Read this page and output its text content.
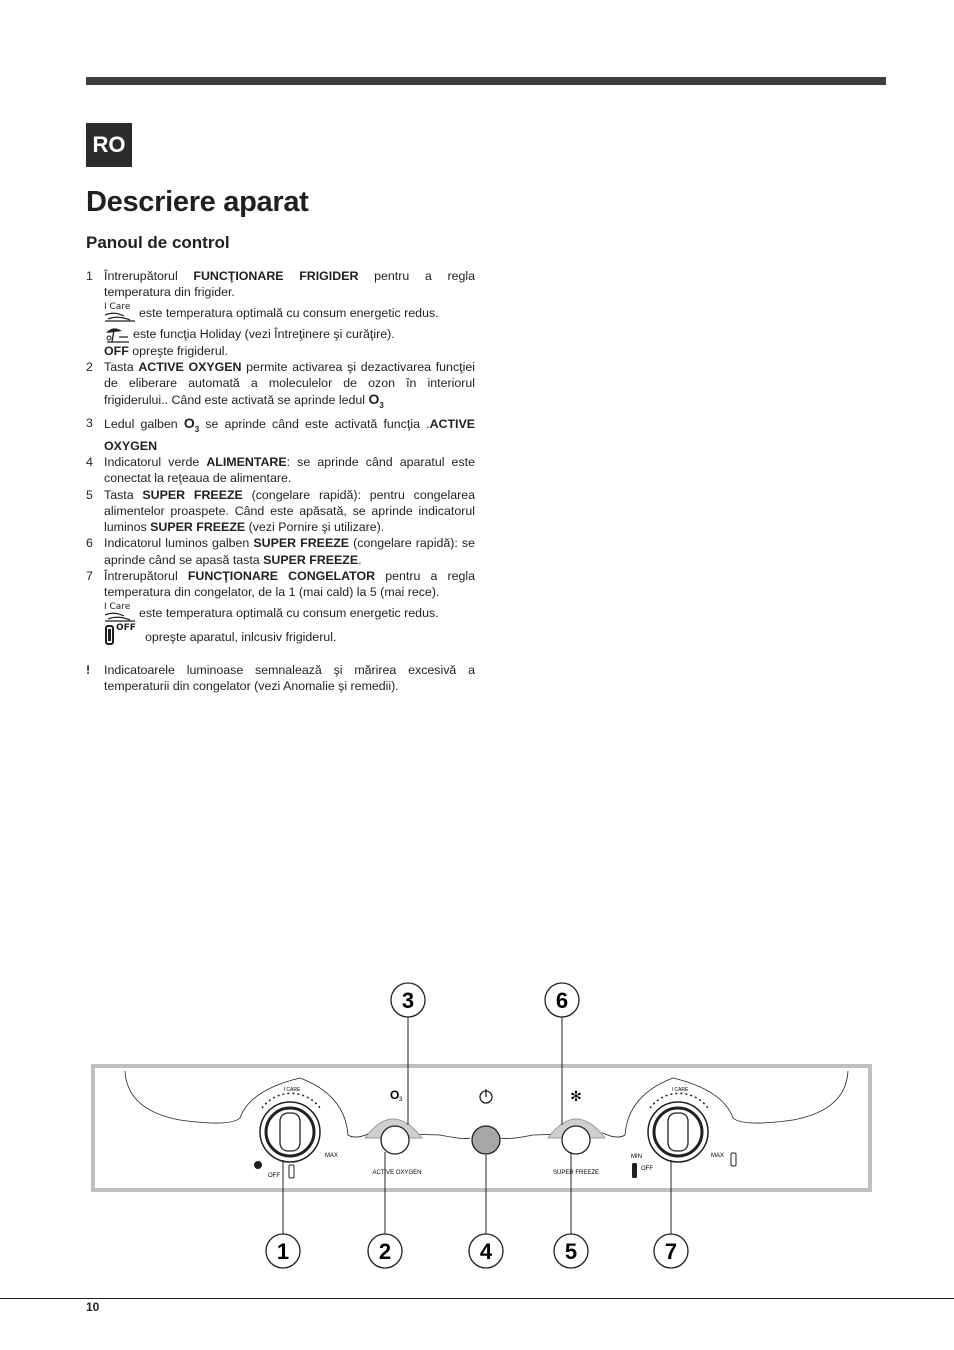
RO
Descriere aparat
Panoul de control
1 Întrerupătorul FUNCŢIONARE FRIGIDER pentru a regla temperatura din frigider.
I Care este temperatura optimală cu consum energetic redus.
este funcţia Holiday (vezi Întreţinere şi curăţire).
OFF opreşte frigiderul.
2 Tasta ACTIVE OXYGEN permite activarea şi dezactivarea funcţiei de eliberare automată a moleculelor de ozon în interiorul frigiderului.. Când este activată se aprinde ledul $O_3$
3 Ledul galben $O_3$ se aprinde când este activată funcţia .ACTIVE OXYGEN
4 Indicatorul verde ALIMENTARE: se aprinde când aparatul este conectat la reţeaua de alimentare.
5 Tasta SUPER FREEZE (congelare rapidă): pentru congelarea alimentelor proaspete. Când este apăsată, se aprinde indicatorul luminos SUPER FREEZE (vezi Pornire şi utilizare).
6 Indicatorul luminos galben SUPER FREEZE (congelare rapidă): se aprinde când se apasă tasta SUPER FREEZE.
7 Întrerupătorul FUNCŢIONARE CONGELATOR pentru a regla temperatura din congelator, de la 1 (mai cald) la 5 (mai rece).
I Care este temperatura optimală cu consum energetic redus.
OFF
opreşte aparatul, inlcusiv frigiderul.
!	Indicatoarele luminoase semnalează şi mărirea excesivă a temperaturii din congelator (vezi Anomalie şi remedii).
I CARE
OFF
MAX
O 3
ACTIVE OXYGEN
✻
SUPER FREEZE
I CARE
MIN	MAX
OFF
1	2
3
4	5
6
7
10
